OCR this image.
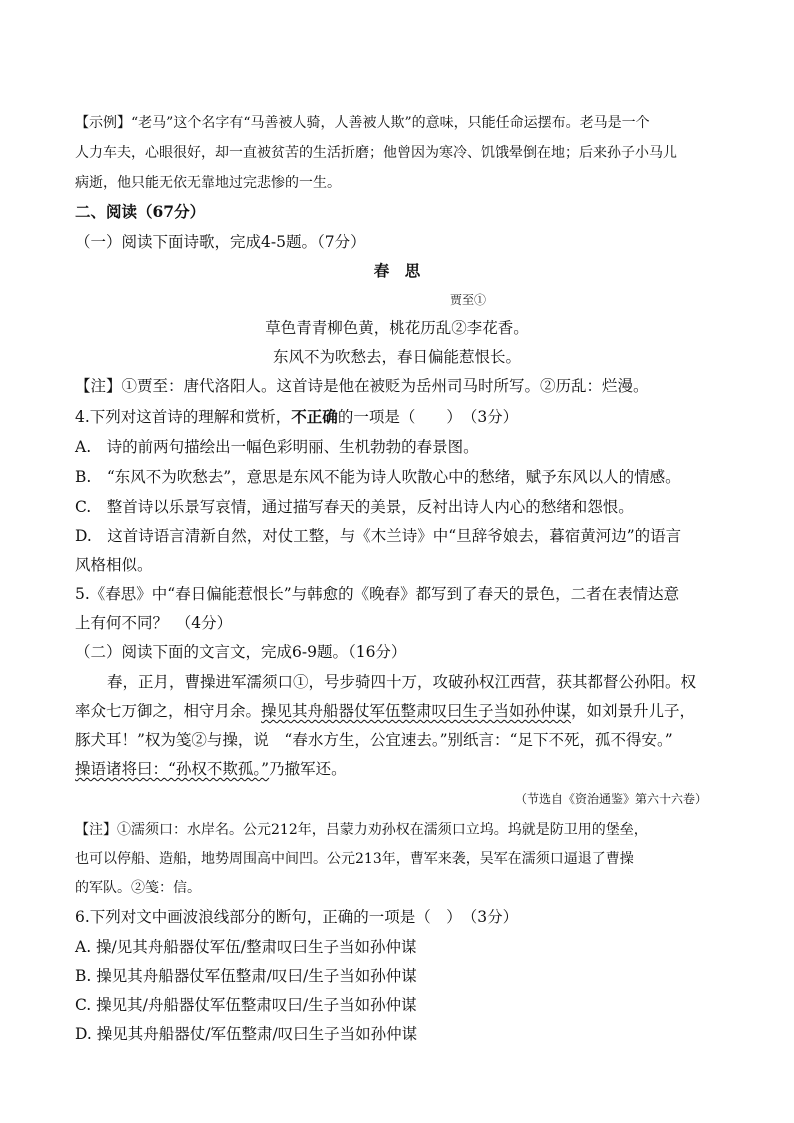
【示例】“老马”这个名字有“马善被人骑，人善被人欺”的意味，只能任命运摆布。老马是一个
人力车夫，心眼很好，却一直被贫苦的生活折磨；他曾因为寒冷、饥饿晕倒在地；后来孙子小马儿
病逝，他只能无依无靠地过完悲惨的一生。
二、阅读（67分）
（一）阅读下面诗歌，完成4-5题。（7分）
春　思
贾至①
草色青青柳色黄，桃花历乱②李花香。
东风不为吹愁去，春日偏能惹恨长。
【注】①贾至：唐代洛阳人。这首诗是他在被贬为岳州司马时所写。②历乱：烂漫。
4.下列对这首诗的理解和赏析，不正确的一项是（　　）　（3分）
A.　诗的前两句描绘出一幅色彩明丽、生机勃勃的春景图。
B.　“东风不为吹愁去”，意思是东风不能为诗人吹散心中的愁绪，赋予东风以人的情感。
C.　整首诗以乐景写哀情，通过描写春天的美景，反衬出诗人内心的愁绪和怨恨。
D.　这首诗语言清新自然，对仗工整，与《木兰诗》中“旦辞爷娘去，暮宿黄河边”的语言
风格相似。
5.《春思》中“春日偏能惹恨长”与韩愈的《晚春》都写到了春天的景色，二者在表情达意
上有何不同？　（4分）
（二）阅读下面的文言文，完成6-9题。（16分）
春，正月，曹操进军濡须口①，号步骑四十万，攻破孙权江西营，获其都督公孙阳。权
率众七万御之，相守月余。操见其舟船器仗军伍整肃叹曰生子当如孙仲谋，如刘景升儿子，
豚犬耳！”权为笺②与操，说　“春水方生，公宜速去。”别纸言：“足下不死，孤不得安。”
操语诸将曰：“孙权不欺孤。”乃撤军还。
（节选自《资治通鉴》第六十六卷）
【注】①濡须口：水岸名。公元212年，吕蒙力劝孙权在濡须口立坞。坞就是防卫用的堡垒，
也可以停船、造船，地势周围高中间凹。公元213年，曹军来袭，吴军在濡须口逼退了曹操
的军队。②笺：信。
6.下列对文中画波浪线部分的断句，正确的一项是（　）　（3分）
A. 操/见其舟船器仗军伍/整肃叹曰生子当如孙仲谋
B. 操见其舟船器仗军伍整肃/叹曰/生子当如孙仲谋
C. 操见其/舟船器仗军伍整肃叹曰/生子当如孙仲谋
D. 操见其舟船器仗/军伍整肃/叹曰生子当如孙仲谋
